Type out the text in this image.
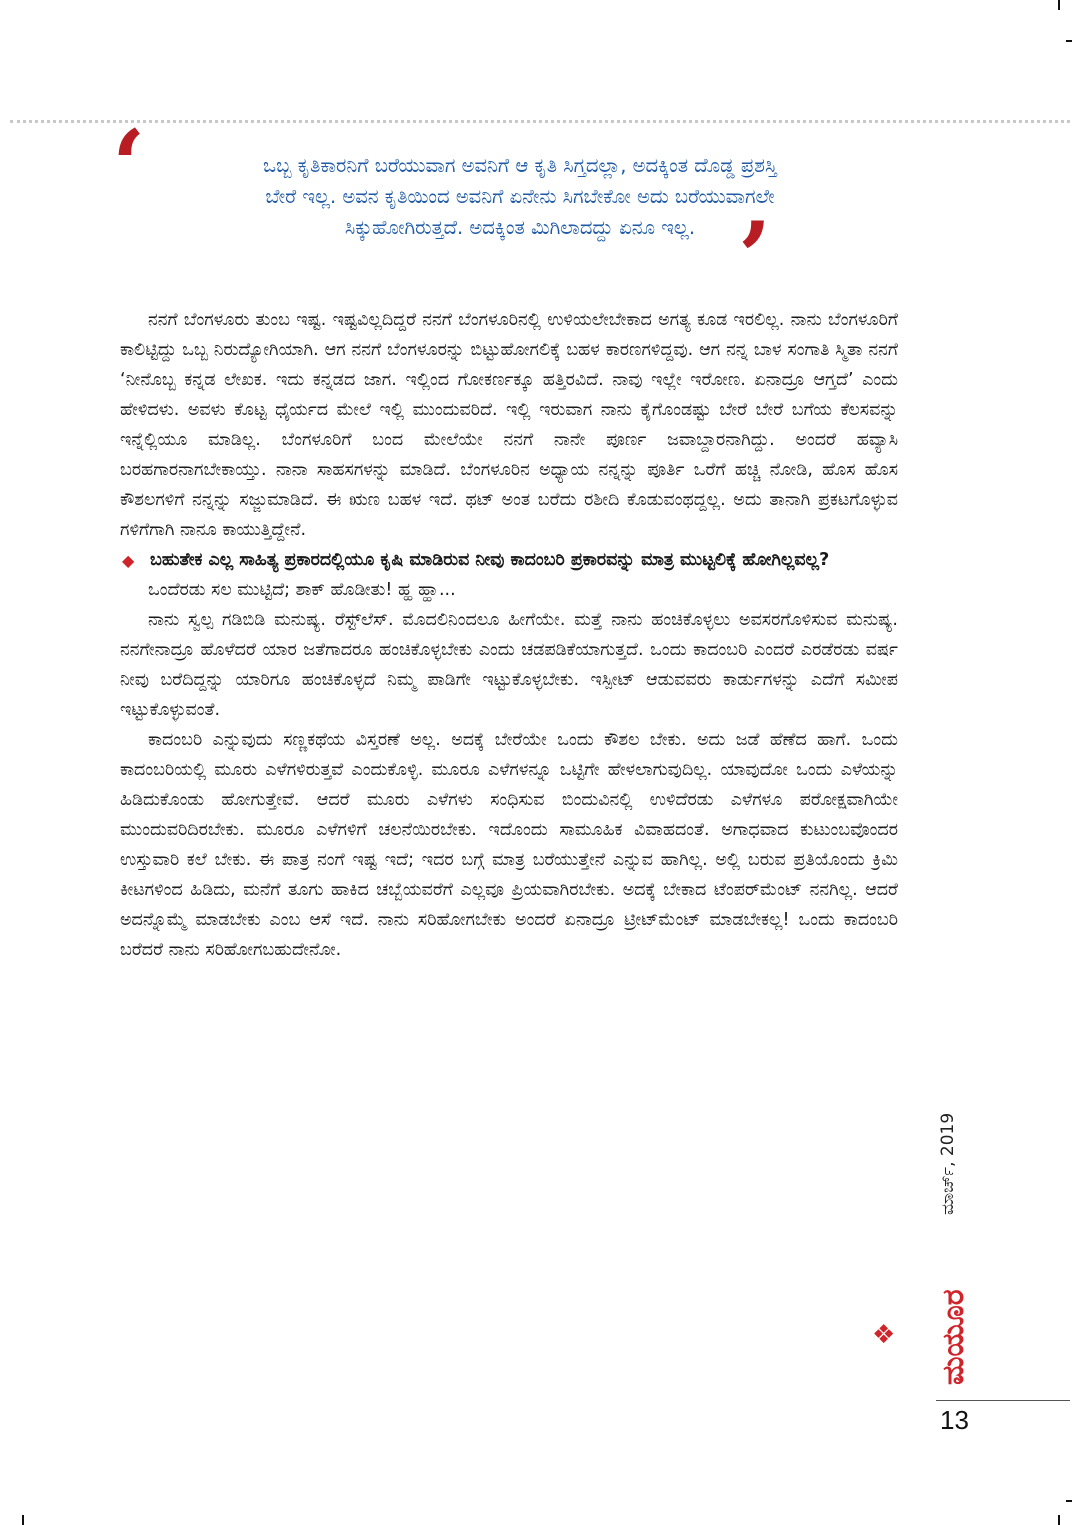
‘	ಒಬ್ಬ ಕೃತಿಕಾರನಿಗೆ ಬರೆಯುವಾಗ ಅವನಿಗೆ ಆ ಕೃತಿ ಸಿಗ್ತದಲ್ಲಾ, ಅದಕ್ಕಿಂತ ದೊಡ್ಡ ಪ್ರಶಸ್ತಿ
ಬೇರೆ ಇಲ್ಲ. ಅವನ ಕೃತಿಯಿಂದ ಅವನಿಗೆ ಏನೇನು ಸಿಗಬೇಕೋ ಅದು ಬರೆಯುವಾಗಲೇ
ಸಿಕ್ಕುಹೋಗಿರುತ್ತದೆ. ಅದಕ್ಕಿಂತ ಮಿಗಿಲಾದದ್ದು ಏನೂ ಇಲ್ಲ. ’

ನನಗೆ ಬೆಂಗಳೂರು ತುಂಬ ಇಷ್ಟ. ಇಷ್ಟವಿಲ್ಲದಿದ್ದರೆ ನನಗೆ ಬೆಂಗಳೂರಿನಲ್ಲಿ ಉಳಿಯಲೇಬೇಕಾದ ಅಗತ್ಯ ಕೂಡ ಇರಲಿಲ್ಲ. ನಾನು ಬೆಂಗಳೂರಿಗೆ ಕಾಲಿಟ್ಟಿದ್ದು ಒಬ್ಬ ನಿರುದ್ಯೋಗಿಯಾಗಿ. ಆಗ ನನಗೆ ಬೆಂಗಳೂರನ್ನು ಬಿಟ್ಟುಹೋಗಲಿಕ್ಕೆ ಬಹಳ ಕಾರಣಗಳಿದ್ದವು. ಆಗ ನನ್ನ ಬಾಳ ಸಂಗಾತಿ ಸ್ಮಿತಾ ನನಗೆ ‘ನೀನೊಬ್ಬ ಕನ್ನಡ ಲೇಖಕ. ಇದು ಕನ್ನಡದ ಜಾಗ. ಇಲ್ಲಿಂದ ಗೋಕರ್ಣಕ್ಕೂ ಹತ್ತಿರವಿದೆ. ನಾವು ಇಲ್ಲೇ ಇರೋಣ. ಏನಾದ್ರೂ ಆಗ್ತದೆ’ ಎಂದು ಹೇಳಿದಳು. ಅವಳು ಕೊಟ್ಟ ಧೈರ್ಯದ ಮೇಲೆ ಇಲ್ಲಿ ಮುಂದುವರಿದೆ. ಇಲ್ಲಿ ಇರುವಾಗ ನಾನು ಕೈಗೊಂಡಷ್ಟು ಬೇರೆ ಬೇರೆ ಬಗೆಯ ಕೆಲಸವನ್ನು ಇನ್ನೆಲ್ಲಿಯೂ ಮಾಡಿಲ್ಲ. ಬೆಂಗಳೂರಿಗೆ ಬಂದ ಮೇಲೆಯೇ ನನಗೆ ನಾನೇ ಪೂರ್ಣ ಜವಾಬ್ದಾರನಾಗಿದ್ದು. ಅಂದರೆ ಹವ್ಯಾಸಿ ಬರಹಗಾರನಾಗಬೇಕಾಯ್ತು. ನಾನಾ ಸಾಹಸಗಳನ್ನು ಮಾಡಿದೆ. ಬೆಂಗಳೂರಿನ ಅಧ್ಯಾಯ ನನ್ನನ್ನು ಪೂರ್ತಿ ಒರೆಗೆ ಹಚ್ಚಿ ನೋಡಿ, ಹೊಸ ಹೊಸ ಕೌಶಲಗಳಿಗೆ ನನ್ನನ್ನು ಸಜ್ಜುಮಾಡಿದೆ. ಈ ಋಣ ಬಹಳ ಇದೆ. ಥಟ್ ಅಂತ ಬರೆದು ರಶೀದಿ ಕೊಡುವಂಥದ್ದಲ್ಲ. ಅದು ತಾನಾಗಿ ಪ್ರಕಟಗೊಳ್ಳುವ ಗಳಿಗೆಗಾಗಿ ನಾನೂ ಕಾಯುತ್ತಿದ್ದೇನೆ.

◆ ಬಹುತೇಕ ಎಲ್ಲ ಸಾಹಿತ್ಯ ಪ್ರಕಾರದಲ್ಲಿಯೂ ಕೃಷಿ ಮಾಡಿರುವ ನೀವು ಕಾದಂಬರಿ ಪ್ರಕಾರವನ್ನು ಮಾತ್ರ ಮುಟ್ಟಲಿಕ್ಕೆ ಹೋಗಿಲ್ಲವಲ್ಲ?

ಒಂದೆರಡು ಸಲ ಮುಟ್ಟಿದೆ; ಶಾಕ್ ಹೊಡೀತು! ಹ್ಹ ಹ್ಹಾ...

ನಾನು ಸ್ವಲ್ಪ ಗಡಿಬಿಡಿ ಮನುಷ್ಯ. ರೆಸ್ಟ್‌ಲೆಸ್. ಮೊದಲಿನಿಂದಲೂ ಹೀಗೆಯೇ. ಮತ್ತೆ ನಾನು ಹಂಚಿಕೊಳ್ಳಲು ಅವಸರಗೊಳಿಸುವ ಮನುಷ್ಯ. ನನಗೇನಾದ್ರೂ ಹೊಳೆದರೆ ಯಾರ ಜತೆಗಾದರೂ ಹಂಚಿಕೊಳ್ಳಬೇಕು ಎಂದು ಚಡಪಡಿಕೆಯಾಗುತ್ತದೆ. ಒಂದು ಕಾದಂಬರಿ ಎಂದರೆ ಎರಡೆರಡು ವರ್ಷ ನೀವು ಬರೆದಿದ್ದನ್ನು ಯಾರಿಗೂ ಹಂಚಿಕೊಳ್ಳದೆ ನಿಮ್ಮ ಪಾಡಿಗೇ ಇಟ್ಟುಕೊಳ್ಳಬೇಕು. ಇಸ್ಪೀಟ್ ಆಡುವವರು ಕಾರ್ಡುಗಳನ್ನು ಎದೆಗೆ ಸಮೀಪ ಇಟ್ಟುಕೊಳ್ಳುವಂತೆ.

ಕಾದಂಬರಿ ಎನ್ನುವುದು ಸಣ್ಣಕಥೆಯ ವಿಸ್ತರಣೆ ಅಲ್ಲ. ಅದಕ್ಕೆ ಬೇರೆಯೇ ಒಂದು ಕೌಶಲ ಬೇಕು. ಅದು ಜಡೆ ಹೆಣೆದ ಹಾಗೆ. ಒಂದು ಕಾದಂಬರಿಯಲ್ಲಿ ಮೂರು ಎಳೆಗಳಿರುತ್ತವೆ ಎಂದುಕೊಳ್ಳಿ. ಮೂರೂ ಎಳೆಗಳನ್ನೂ ಒಟ್ಟಿಗೇ ಹೇಳಲಾಗುವುದಿಲ್ಲ. ಯಾವುದೋ ಒಂದು ಎಳೆಯನ್ನು ಹಿಡಿದುಕೊಂಡು ಹೋಗುತ್ತೇವೆ. ಆದರೆ ಮೂರು ಎಳೆಗಳು ಸಂಧಿಸುವ ಬಿಂದುವಿನಲ್ಲಿ ಉಳಿದೆರಡು ಎಳೆಗಳೂ ಪರೋಕ್ಷವಾಗಿಯೇ ಮುಂದುವರಿದಿರಬೇಕು. ಮೂರೂ ಎಳೆಗಳಿಗೆ ಚಲನೆಯಿರಬೇಕು. ಇದೊಂದು ಸಾಮೂಹಿಕ ವಿವಾಹದಂತೆ. ಅಗಾಧವಾದ ಕುಟುಂಬವೊಂದರ ಉಸ್ತುವಾರಿ ಕಲೆ ಬೇಕು. ಈ ಪಾತ್ರ ನಂಗೆ ಇಷ್ಟ ಇದೆ; ಇದರ ಬಗ್ಗೆ ಮಾತ್ರ ಬರೆಯುತ್ತೇನೆ ಎನ್ನುವ ಹಾಗಿಲ್ಲ. ಅಲ್ಲಿ ಬರುವ ಪ್ರತಿಯೊಂದು ಕ್ರಿಮಿ ಕೀಟಗಳಿಂದ ಹಿಡಿದು, ಮನೆಗೆ ತೂಗು ಹಾಕಿದ ಚಬ್ಬೆಯವರೆಗೆ ಎಲ್ಲವೂ ಪ್ರಿಯವಾಗಿರಬೇಕು. ಅದಕ್ಕೆ ಬೇಕಾದ ಟೆಂಪರ್‌ಮೆಂಟ್ ನನಗಿಲ್ಲ. ಆದರೆ ಅದನ್ನೊಮ್ಮೆ ಮಾಡಬೇಕು ಎಂಬ ಆಸೆ ಇದೆ. ನಾನು ಸರಿಹೋಗಬೇಕು ಅಂದರೆ ಏನಾದ್ರೂ ಟ್ರೀಟ್‌ಮೆಂಟ್ ಮಾಡಬೇಕಲ್ಲ! ಒಂದು ಕಾದಂಬರಿ ಬರೆದರೆ ನಾನು ಸರಿಹೋಗಬಹುದೇನೋ.

❖
ಮಾರ್ಚ್, 2019
ಮಯೂರ
13
